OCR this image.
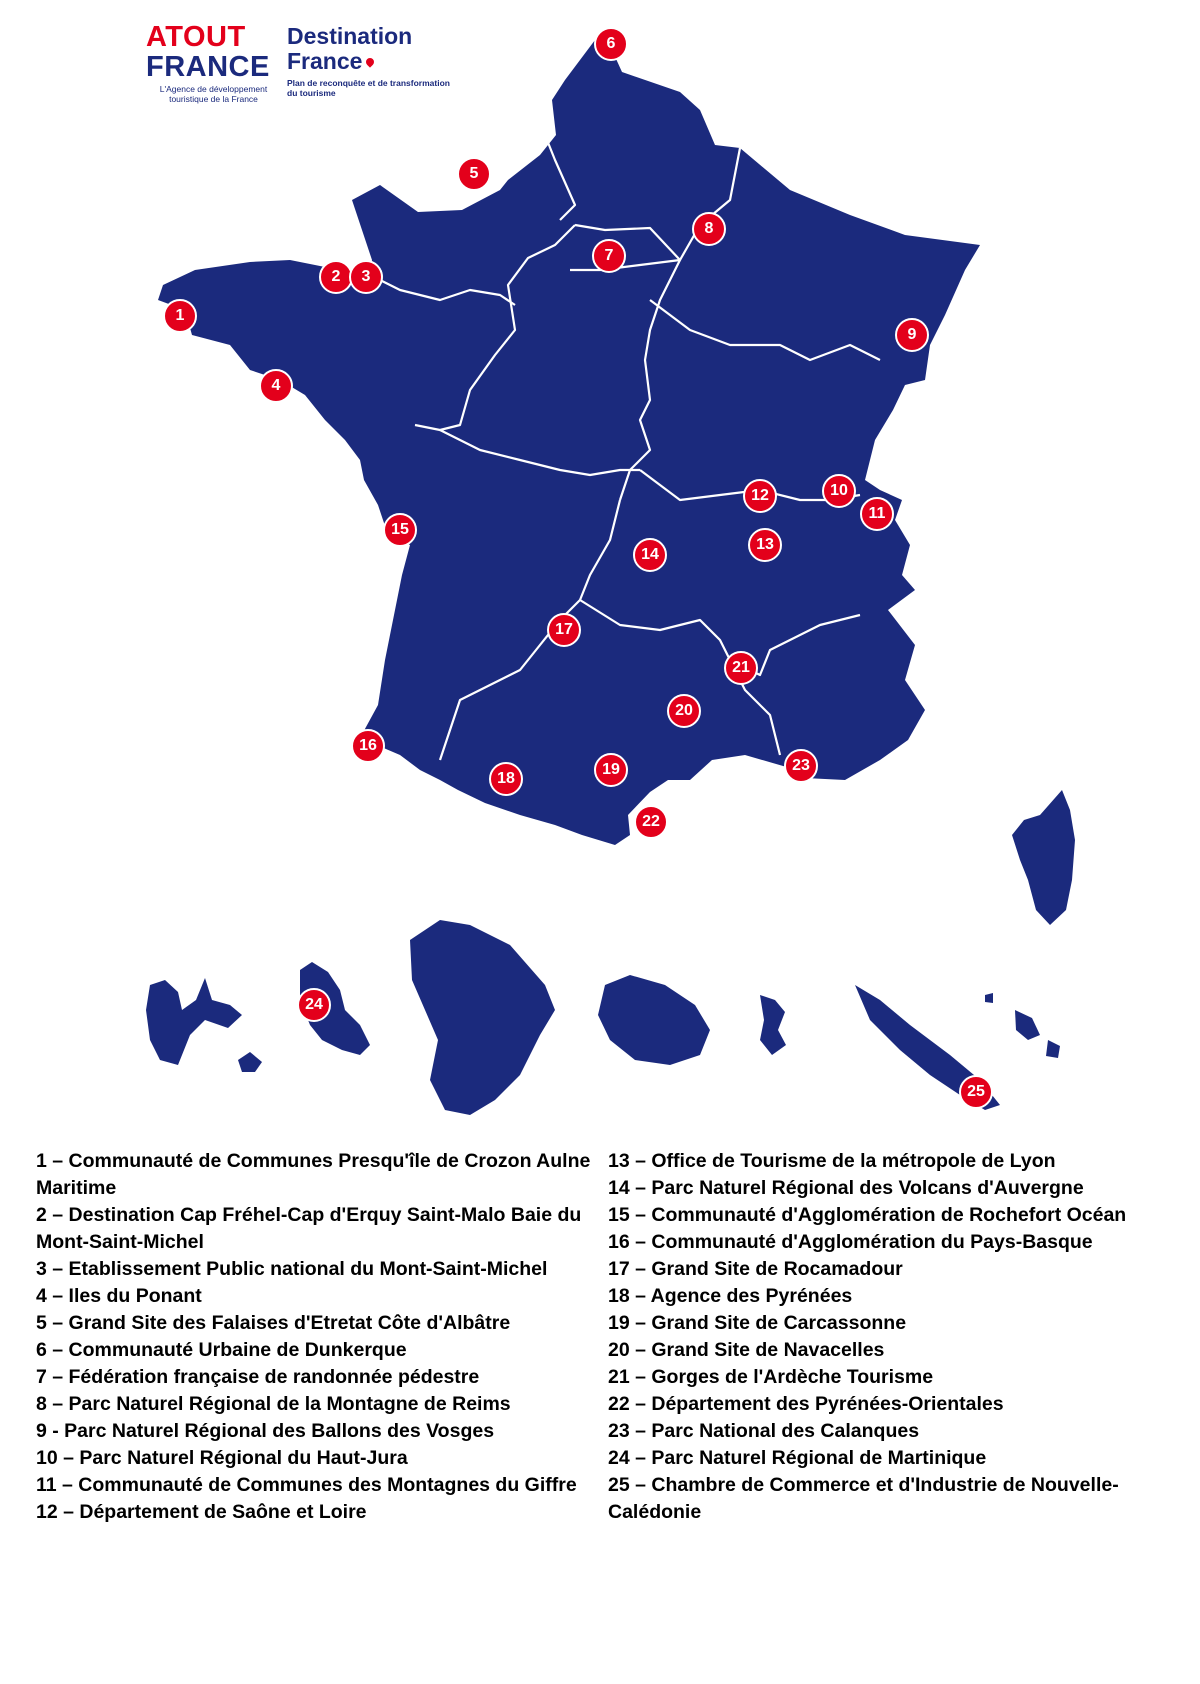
ATOUT
FRANCE
L'Agence de développement touristique de la France
Destination
France
Plan de reconquête et de transformation du tourisme
1
2	3
4
5
6
7
8
9
10
11
12
13
14
15
16
17
18
19
20
21
22
23
24
25
1 – Communauté de Communes Presqu'île de Crozon Aulne Maritime
2 – Destination Cap Fréhel-Cap d'Erquy Saint-Malo Baie du Mont-Saint-Michel
3 – Etablissement Public national du Mont-Saint-Michel
4 – Iles du Ponant
5 – Grand Site des Falaises d'Etretat Côte d'Albâtre
6 – Communauté Urbaine de Dunkerque
7 – Fédération française de randonnée pédestre
8 – Parc Naturel Régional de la Montagne de Reims
9 - Parc Naturel Régional des Ballons des Vosges
10 – Parc Naturel Régional du Haut-Jura
11 – Communauté de Communes des Montagnes du Giffre
12 – Département de Saône et Loire
13 – Office de Tourisme de la métropole de Lyon
14 – Parc Naturel Régional des Volcans d'Auvergne
15 – Communauté d'Agglomération de Rochefort Océan
16 – Communauté d'Agglomération du Pays-Basque
17 – Grand Site de Rocamadour
18 – Agence des Pyrénées
19 – Grand Site de Carcassonne
20 – Grand Site de Navacelles
21 – Gorges de l'Ardèche Tourisme
22 – Département des Pyrénées-Orientales
23 – Parc National des Calanques
24 – Parc Naturel Régional de Martinique
25 – Chambre de Commerce et d'Industrie de Nouvelle-Calédonie
